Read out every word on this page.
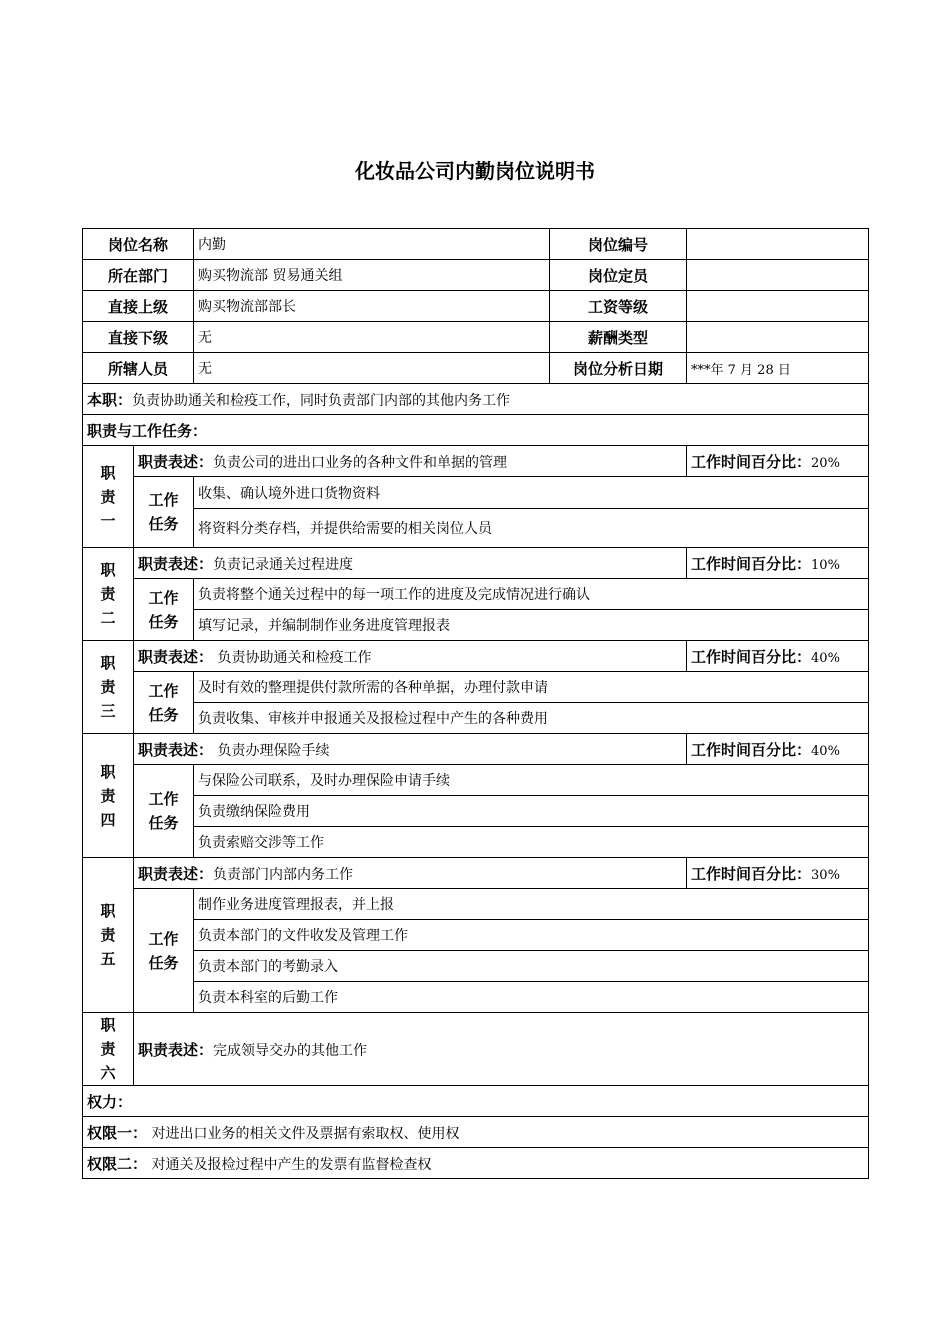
化妆品公司内勤岗位说明书
岗位名称		内勤	岗位编号	
所在部门		购买物流部 贸易通关组	岗位定员	
直接上级		购买物流部部长	工资等级	
直接下级		无	薪酬类型	
所辖人员		无	岗位分析日期	***年 7 月 28 日
本职：负责协助通关和检疫工作，同时负责部门内部的其他内务工作				
职责与工作任务：				

职
责
一	职责表述：负责公司的进出口业务的各种文件和单据的管理			工作时间百分比：20%

	工作
任务	收集、确认境外进口货物资料		
		将资料分类存档，并提供给需要的相关岗位人员		

职
责
二	职责表述：负责记录通关过程进度			工作时间百分比：10%

	工作
任务	负责将整个通关过程中的每一项工作的进度及完成情况进行确认		
		填写记录，并编制制作业务进度管理报表		

职
责
三	职责表述： 负责协助通关和检疫工作			工作时间百分比：40%

	工作
任务	及时有效的整理提供付款所需的各种单据，办理付款申请		
		负责收集、审核并申报通关及报检过程中产生的各种费用		

职
责
四	职责表述： 负责办理保险手续			工作时间百分比：40%

	工作
任务	与保险公司联系，及时办理保险申请手续		
		负责缴纳保险费用		
		负责索赔交涉等工作		

职
责
五	职责表述：负责部门内部内务工作			工作时间百分比：30%

	工作
任务	制作业务进度管理报表，并上报		
		负责本部门的文件收发及管理工作		
		负责本部门的考勤录入		
		负责本科室的后勤工作		

职
责
六	职责表述：完成领导交办的其他工作			
权力：				
权限一： 对进出口业务的相关文件及票据有索取权、使用权				
权限二： 对通关及报检过程中产生的发票有监督检查权				
